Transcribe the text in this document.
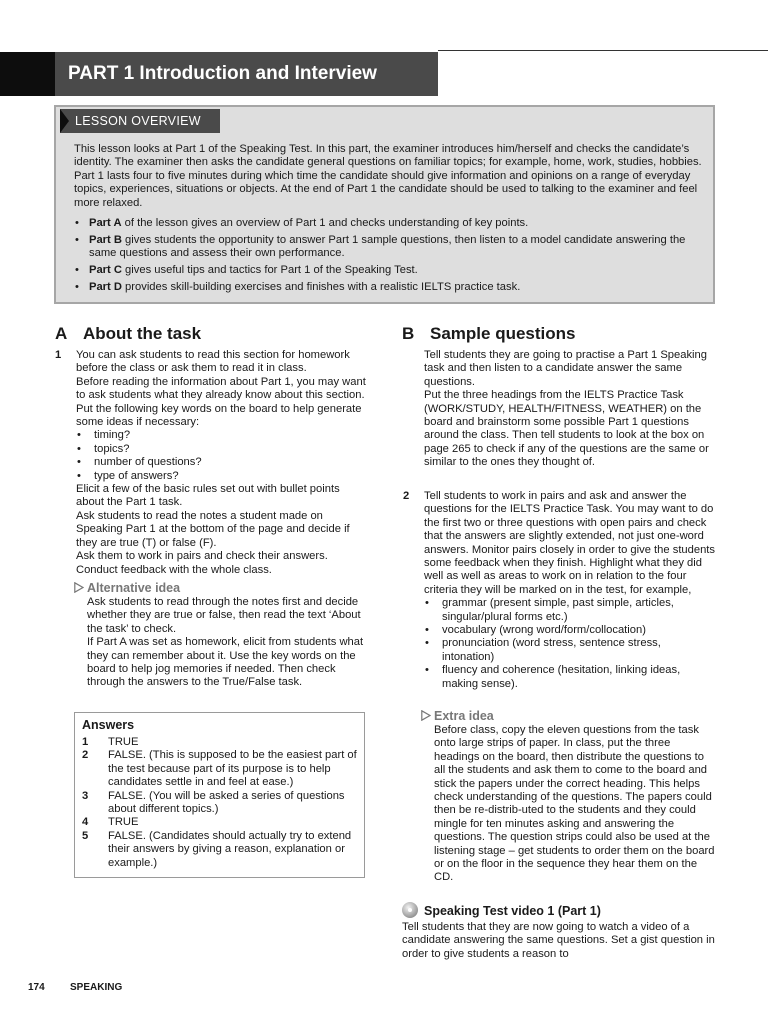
PART 1 Introduction and Interview
LESSON OVERVIEW

This lesson looks at Part 1 of the Speaking Test. In this part, the examiner introduces him/herself and checks the candidate’s identity. The examiner then asks the candidate general questions on familiar topics; for example, home, work, studies, hobbies. Part 1 lasts four to five minutes during which time the candidate should give information and opinions on a range of everyday topics, experiences, situations or objects. At the end of Part 1 the candidate should be used to talking to the examiner and feel more relaxed.

• Part A of the lesson gives an overview of Part 1 and checks understanding of key points.
• Part B gives students the opportunity to answer Part 1 sample questions, then listen to a model candidate answering the same questions and assess their own performance.
• Part C gives useful tips and tactics for Part 1 of the Speaking Test.
• Part D provides skill-building exercises and finishes with a realistic IELTS practice task.
A About the task
1 You can ask students to read this section for homework before the class or ask them to read it in class.

Before reading the information about Part 1, you may want to ask students what they already know about this section. Put the following key words on the board to help generate some ideas if necessary:

• timing?
• topics?
• number of questions?
• type of answers?

Elicit a few of the basic rules set out with bullet points about the Part 1 task.

Ask students to read the notes a student made on Speaking Part 1 at the bottom of the page and decide if they are true (T) or false (F).

Ask them to work in pairs and check their answers. Conduct feedback with the whole class.

Alternative idea

Ask students to read through the notes first and decide whether they are true or false, then read the text ‘About the task’ to check.

If Part A was set as homework, elicit from students what they can remember about it. Use the key words on the board to help jog memories if needed. Then check through the answers to the True/False task.

Answers
1 TRUE
2 FALSE. (This is supposed to be the easiest part of the test because part of its purpose is to help candidates settle in and feel at ease.)
3 FALSE. (You will be asked a series of questions about different topics.)
4 TRUE
5 FALSE. (Candidates should actually try to extend their answers by giving a reason, explanation or example.)
B Sample questions

Tell students they are going to practise a Part 1 Speaking task and then listen to a candidate answer the same questions.

Put the three headings from the IELTS Practice Task (WORK/STUDY, HEALTH/FITNESS, WEATHER) on the board and brainstorm some possible Part 1 questions around the class. Then tell students to look at the box on page 265 to check if any of the questions are the same or similar to the ones they thought of.

2 Tell students to work in pairs and ask and answer the questions for the IELTS Practice Task. You may want to do the first two or three questions with open pairs and check that the answers are slightly extended, not just one-word answers. Monitor pairs closely in order to give the students some feedback when they finish. Highlight what they did well as well as areas to work on in relation to the four criteria they will be marked on in the test, for example,

• grammar (present simple, past simple, articles, singular/plural forms etc.)
• vocabulary (wrong word/form/collocation)
• pronunciation (word stress, sentence stress, intonation)
• fluency and coherence (hesitation, linking ideas, making sense).
Extra idea

Before class, copy the eleven questions from the task onto large strips of paper. In class, put the three headings on the board, then distribute the questions to all the students and ask them to come to the board and stick the papers under the correct heading. This helps check understanding of the questions. The papers could then be re-distrib-uted to the students and they could mingle for ten minutes asking and answering the questions. The question strips could also be used at the listening stage – get students to order them on the board or on the floor in the sequence they hear them on the CD.

Speaking Test video 1 (Part 1)

Tell students that they are now going to watch a video of a candidate answering the same questions. Set a gist question in order to give students a reason to

174	SPEAKING
